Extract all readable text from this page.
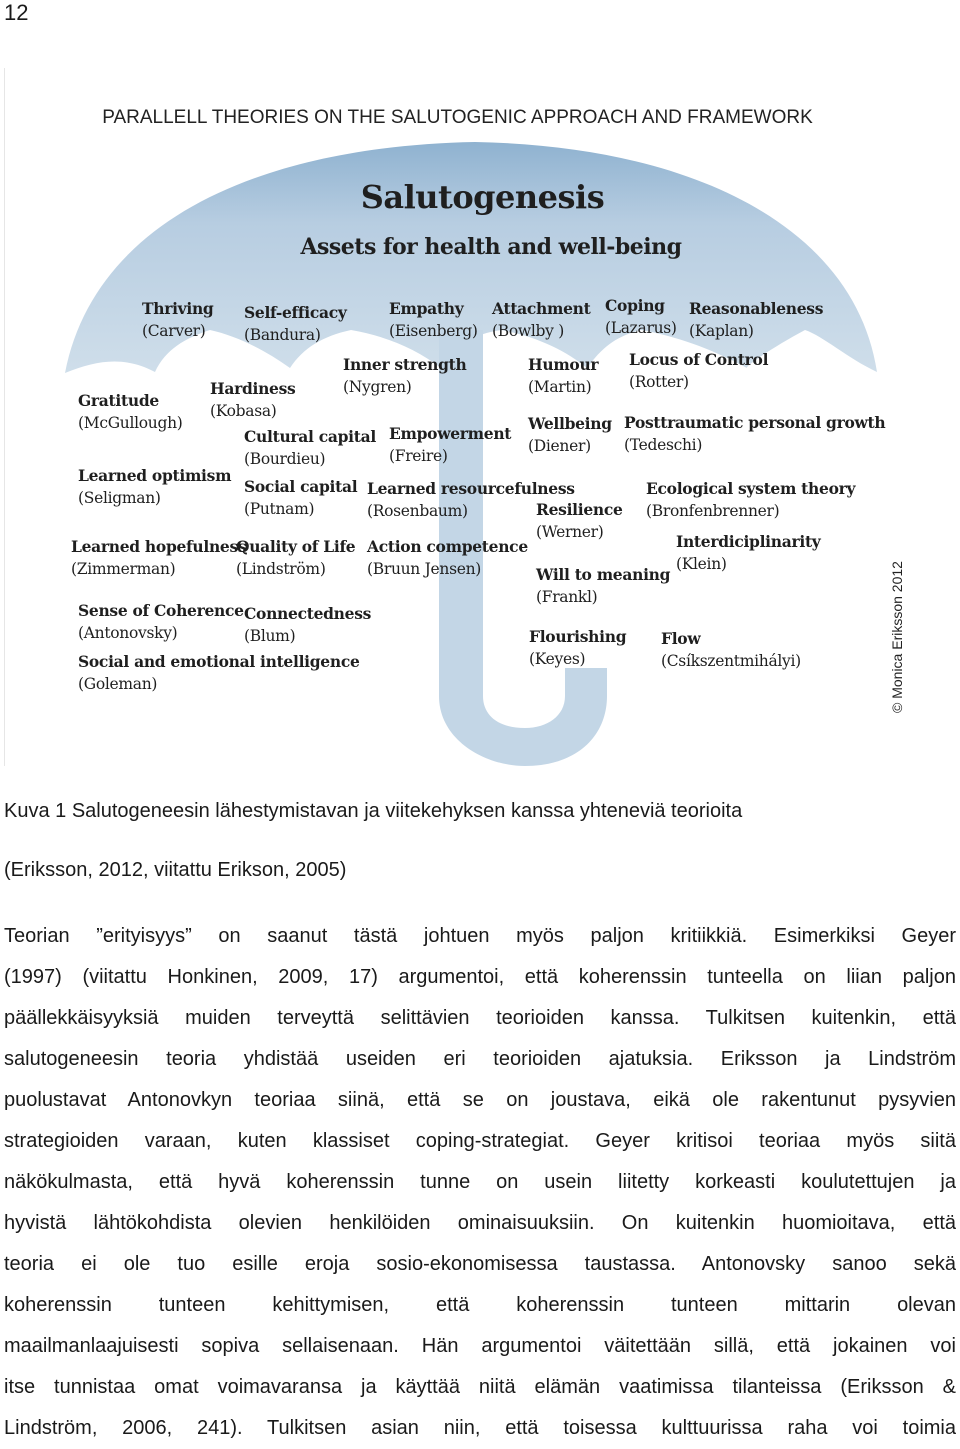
12
PARALLELL THEORIES ON THE SALUTOGENIC APPROACH AND FRAMEWORK
Salutogenesis
Assets for health and well-being
Thriving
(Carver)
Self-efficacy
(Bandura)
Empathy
(Eisenberg)
Attachment
(Bowlby )
Coping
(Lazarus)
Reasonableness
(Kaplan)
Inner strength
(Nygren)
Humour
(Martin)
Locus of Control
(Rotter)
Hardiness
(Kobasa)
Gratitude
(McGullough)
Cultural capital
(Bourdieu)
Empowerment
(Freire)
Wellbeing
(Diener)
Posttraumatic personal growth
(Tedeschi)
Learned optimism
(Seligman)
Social capital
(Putnam)
Learned resourcefulness
(Rosenbaum)	Resilience
(Werner)
Ecological system theory
(Bronfenbrenner)
Learned hopefulness
(Zimmerman)
Quality of Life
(Lindström)
Action competence
(Bruun Jensen)
Interdiciplinarity
(Klein)
Will to meaning
(Frankl)
Sense of Coherence
(Antonovsky)
Connectedness
(Blum)
Social and emotional intelligence
(Goleman)
Flourishing
(Keyes)
Flow
(Csíkszentmihályi)	© Monica Eriksson 2012
Kuva 1 Salutogeneesin lähestymistavan ja viitekehyksen kanssa yhteneviä teorioita
(Eriksson, 2012, viitattu Erikson, 2005)

Teorian ”erityisyys” on saanut tästä johtuen myös paljon kritiikkiä. Esimerkiksi Geyer

(1997) (viitattu Honkinen, 2009, 17) argumentoi, että koherenssin tunteella on liian paljon

päällekkäisyyksiä muiden terveyttä selittävien teorioiden kanssa. Tulkitsen kuitenkin, että

salutogeneesin teoria yhdistää useiden eri teorioiden ajatuksia. Eriksson ja Lindström

puolustavat Antonovkyn teoriaa siinä, että se on joustava, eikä ole rakentunut pysyvien

strategioiden varaan, kuten klassiset coping-strategiat. Geyer kritisoi teoriaa myös siitä

näkökulmasta, että hyvä koherenssin tunne on usein liitetty korkeasti koulutettujen ja

hyvistä lähtökohdista olevien henkilöiden ominaisuuksiin. On kuitenkin huomioitava, että

teoria ei ole tuo esille eroja sosio-ekonomisessa taustassa. Antonovsky sanoo sekä

koherenssin tunteen kehittymisen, että koherenssin tunteen mittarin olevan

maailmanlaajuisesti sopiva sellaisenaan. Hän argumentoi väitettään sillä, että jokainen voi

itse tunnistaa omat voimavaransa ja käyttää niitä elämän vaatimissa tilanteissa (Eriksson &

Lindström, 2006, 241). Tulkitsen asian niin, että toisessa kulttuurissa raha voi toimia
